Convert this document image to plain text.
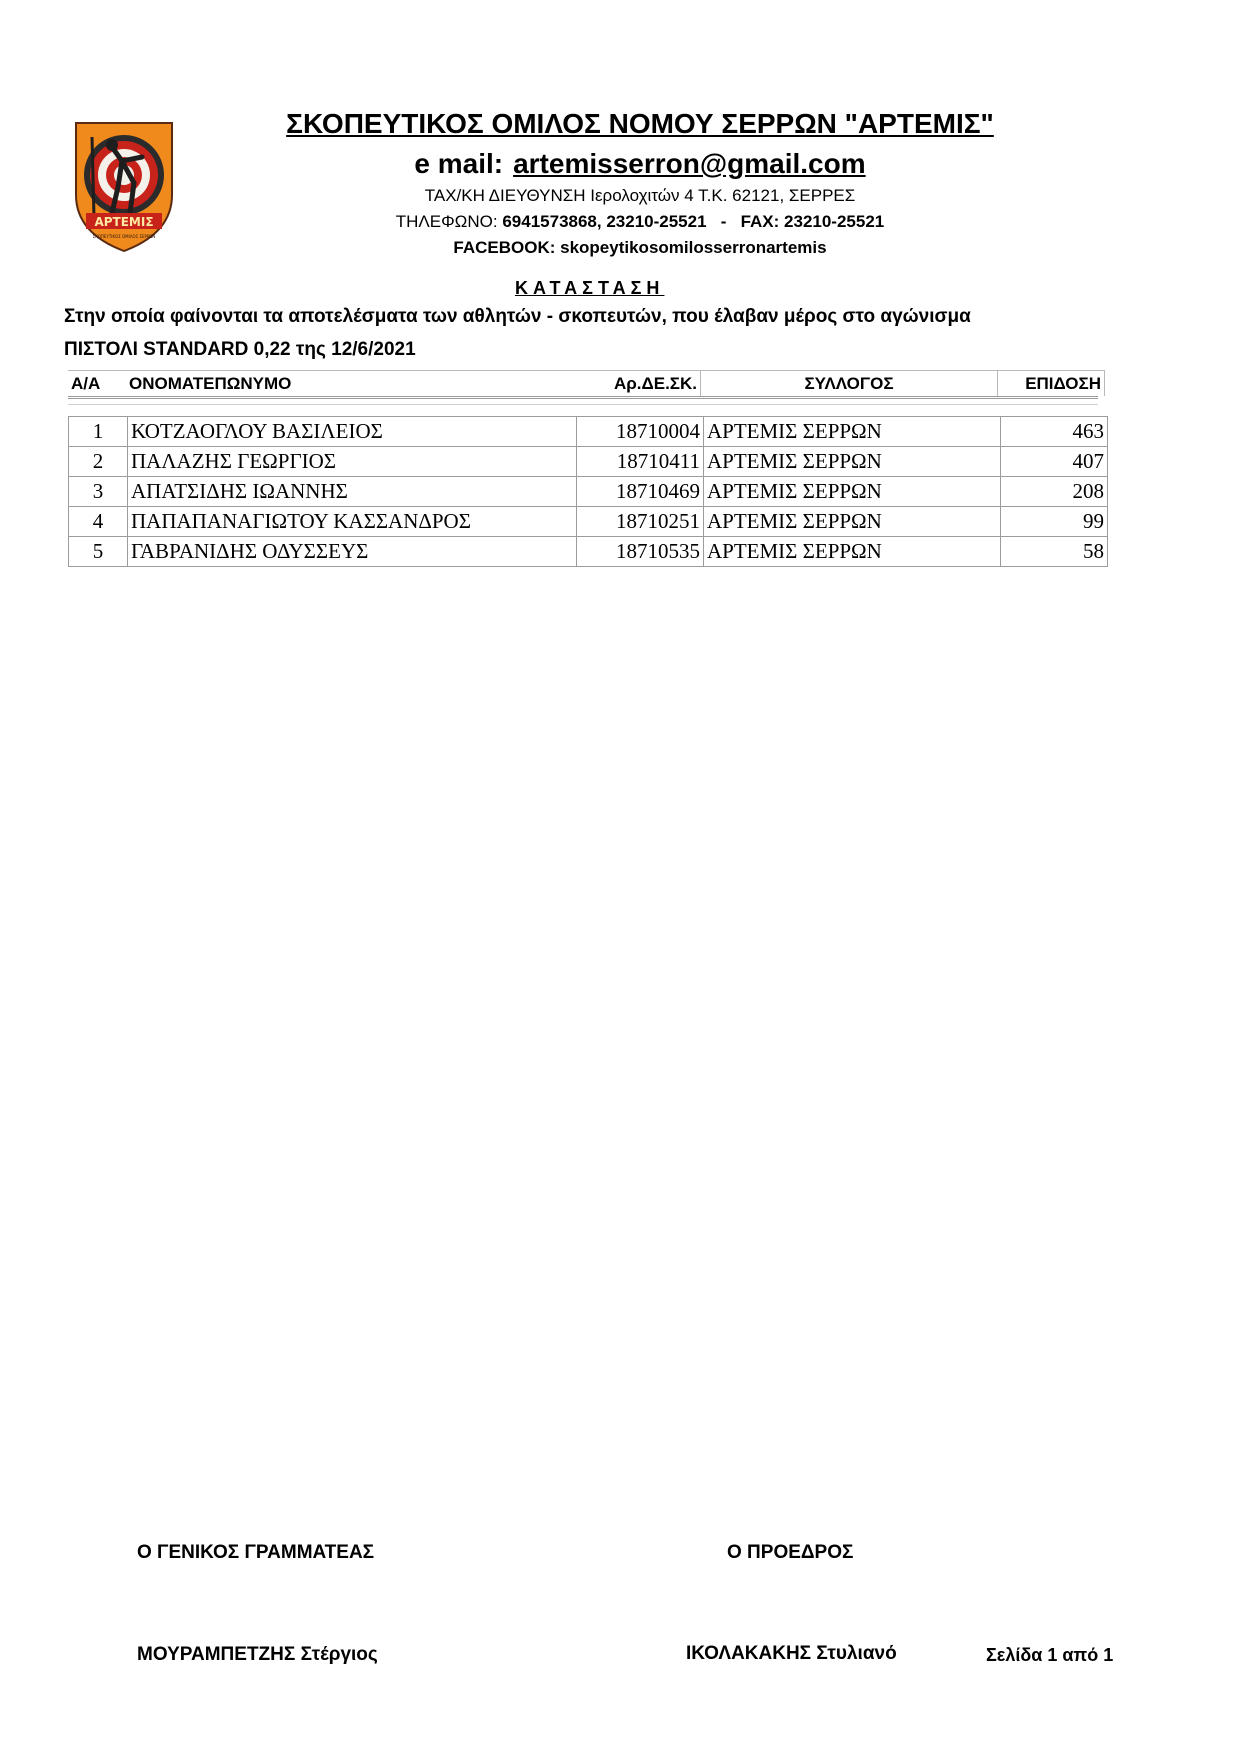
ΑΡΤΕΜΙΣ
ΣΚΟΠΕΥΤΙΚΟΣ ΟΜΙΛΟΣ ΣΕΡΡΩΝ
ΣΚΟΠΕΥΤΙΚΟΣ ΟΜΙΛΟΣ ΝΟΜΟΥ ΣΕΡΡΩΝ "ΑΡΤΕΜΙΣ"
e mail: artemisserron@gmail.com
ΤΑΧ/ΚΗ ΔΙΕΥΘΥΝΣΗ Ιερολοχιτών 4 Τ.Κ. 62121, ΣΕΡΡΕΣ
ΤΗΛΕΦΩΝΟ: 6941573868, 23210-25521 - FAX: 23210-25521
FACEBOOK: skopeytikosomilosserronartemis
ΚΑΤΑΣΤΑΣΗ
Στην οποία φαίνονται τα αποτελέσματα των αθλητών - σκοπευτών, που έλαβαν μέρος στο αγώνισμα
ΠΙΣΤΟΛΙ STANDARD 0,22 της 12/6/2021
Α/Α	ΟΝΟΜΑΤΕΠΩΝΥΜΟ	Αρ.ΔΕ.ΣΚ.	ΣΥΛΛΟΓΟΣ	ΕΠΙΔΟΣΗ
1	ΚΟΤΖΑΟΓΛΟΥ ΒΑΣΙΛΕΙΟΣ	18710004	ΑΡΤΕΜΙΣ ΣΕΡΡΩΝ	463
2	ΠΑΛΑΖΗΣ ΓΕΩΡΓΙΟΣ	18710411	ΑΡΤΕΜΙΣ ΣΕΡΡΩΝ	407
3	ΑΠΑΤΣΙΔΗΣ ΙΩΑΝΝΗΣ	18710469	ΑΡΤΕΜΙΣ ΣΕΡΡΩΝ	208
4	ΠΑΠΑΠΑΝΑΓΙΩΤΟΥ ΚΑΣΣΑΝΔΡΟΣ	18710251	ΑΡΤΕΜΙΣ ΣΕΡΡΩΝ	99
5	ΓΑΒΡΑΝΙΔΗΣ ΟΔΥΣΣΕΥΣ	18710535	ΑΡΤΕΜΙΣ ΣΕΡΡΩΝ	58
Ο ΓΕΝΙΚΟΣ ΓΡΑΜΜΑΤΕΑΣ	Ο ΠΡΟΕΔΡΟΣ
ΜΟΥΡΑΜΠΕΤΖΗΣ Στέργιος	ΙΚΟΛΑΚΑΚΗΣ Στυλιανό	Σελίδα 1 από 1
